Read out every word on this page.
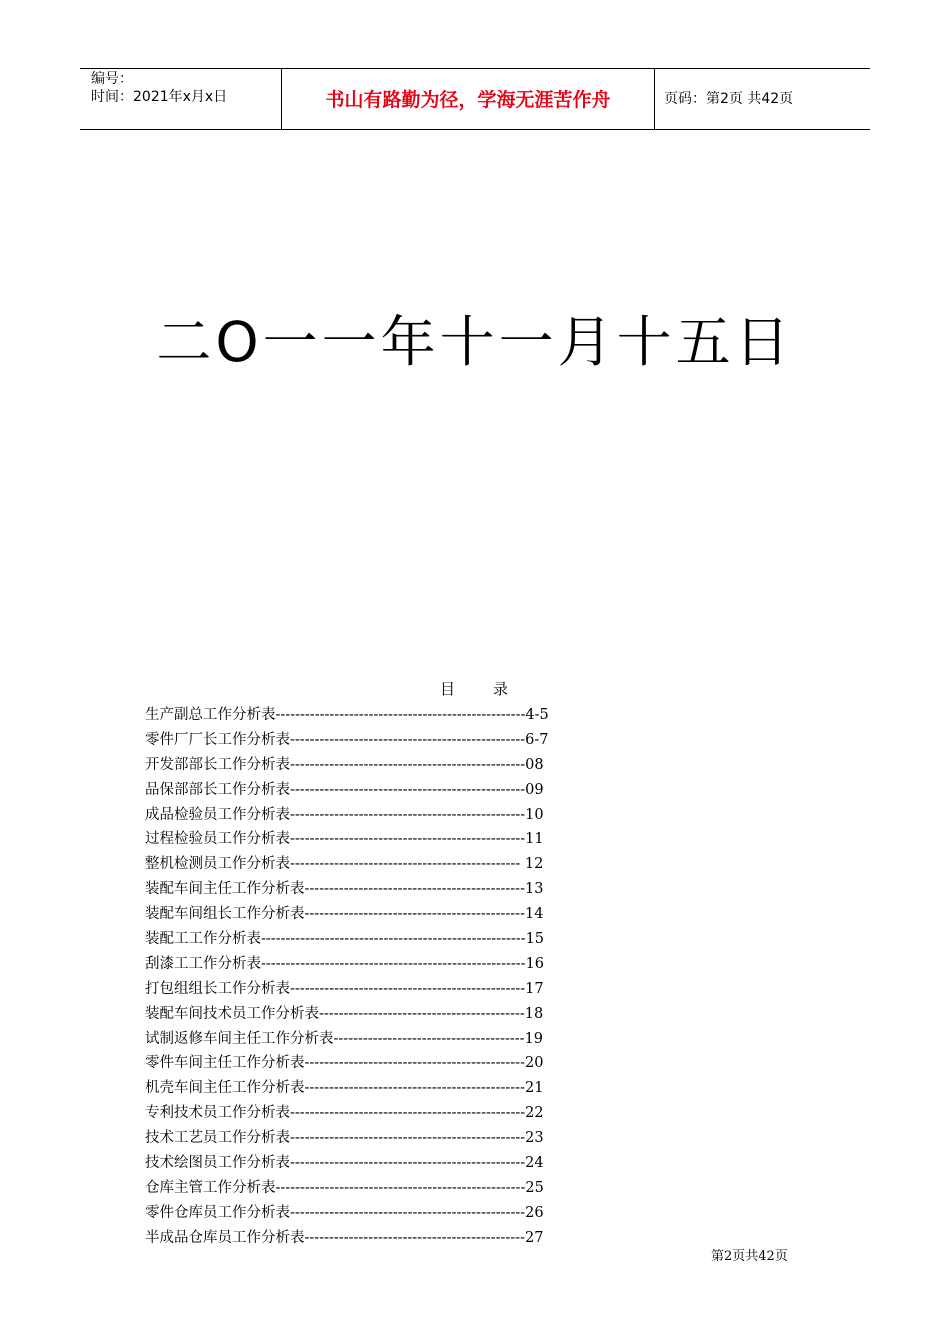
编号：
时间：2021年x月x日	书山有路勤为径，学海无涯苦作舟	页码：第2页 共42页
二O一一年十一月十五日
目录
生产副总工作分析表---------------------------------------------------4-5
零件厂厂长工作分析表------------------------------------------------6-7
开发部部长工作分析表------------------------------------------------08
品保部部长工作分析表------------------------------------------------09
成品检验员工作分析表------------------------------------------------10
过程检验员工作分析表------------------------------------------------11
整机检测员工作分析表----------------------------------------------- 12
装配车间主任工作分析表---------------------------------------------13
装配车间组长工作分析表---------------------------------------------14
装配工工作分析表------------------------------------------------------15
刮漆工工作分析表------------------------------------------------------16
打包组组长工作分析表------------------------------------------------17
装配车间技术员工作分析表------------------------------------------18
试制返修车间主任工作分析表---------------------------------------19
零件车间主任工作分析表---------------------------------------------20
机壳车间主任工作分析表---------------------------------------------21
专利技术员工作分析表------------------------------------------------22
技术工艺员工作分析表------------------------------------------------23
技术绘图员工作分析表------------------------------------------------24
仓库主管工作分析表---------------------------------------------------25
零件仓库员工作分析表------------------------------------------------26
半成品仓库员工作分析表---------------------------------------------27
第2页共42页
